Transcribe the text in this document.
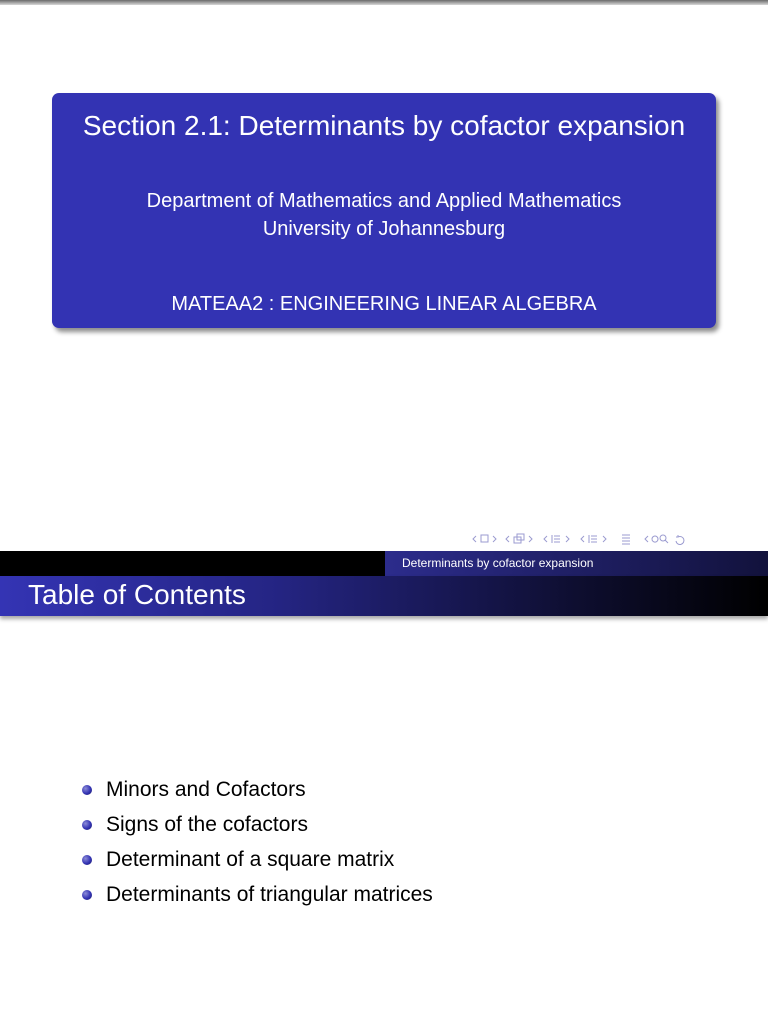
Section 2.1: Determinants by cofactor expansion
Department of Mathematics and Applied Mathematics
University of Johannesburg
MATEAA2 : ENGINEERING LINEAR ALGEBRA
Determinants by cofactor expansion
Table of Contents
Minors and Cofactors
Signs of the cofactors
Determinant of a square matrix
Determinants of triangular matrices
